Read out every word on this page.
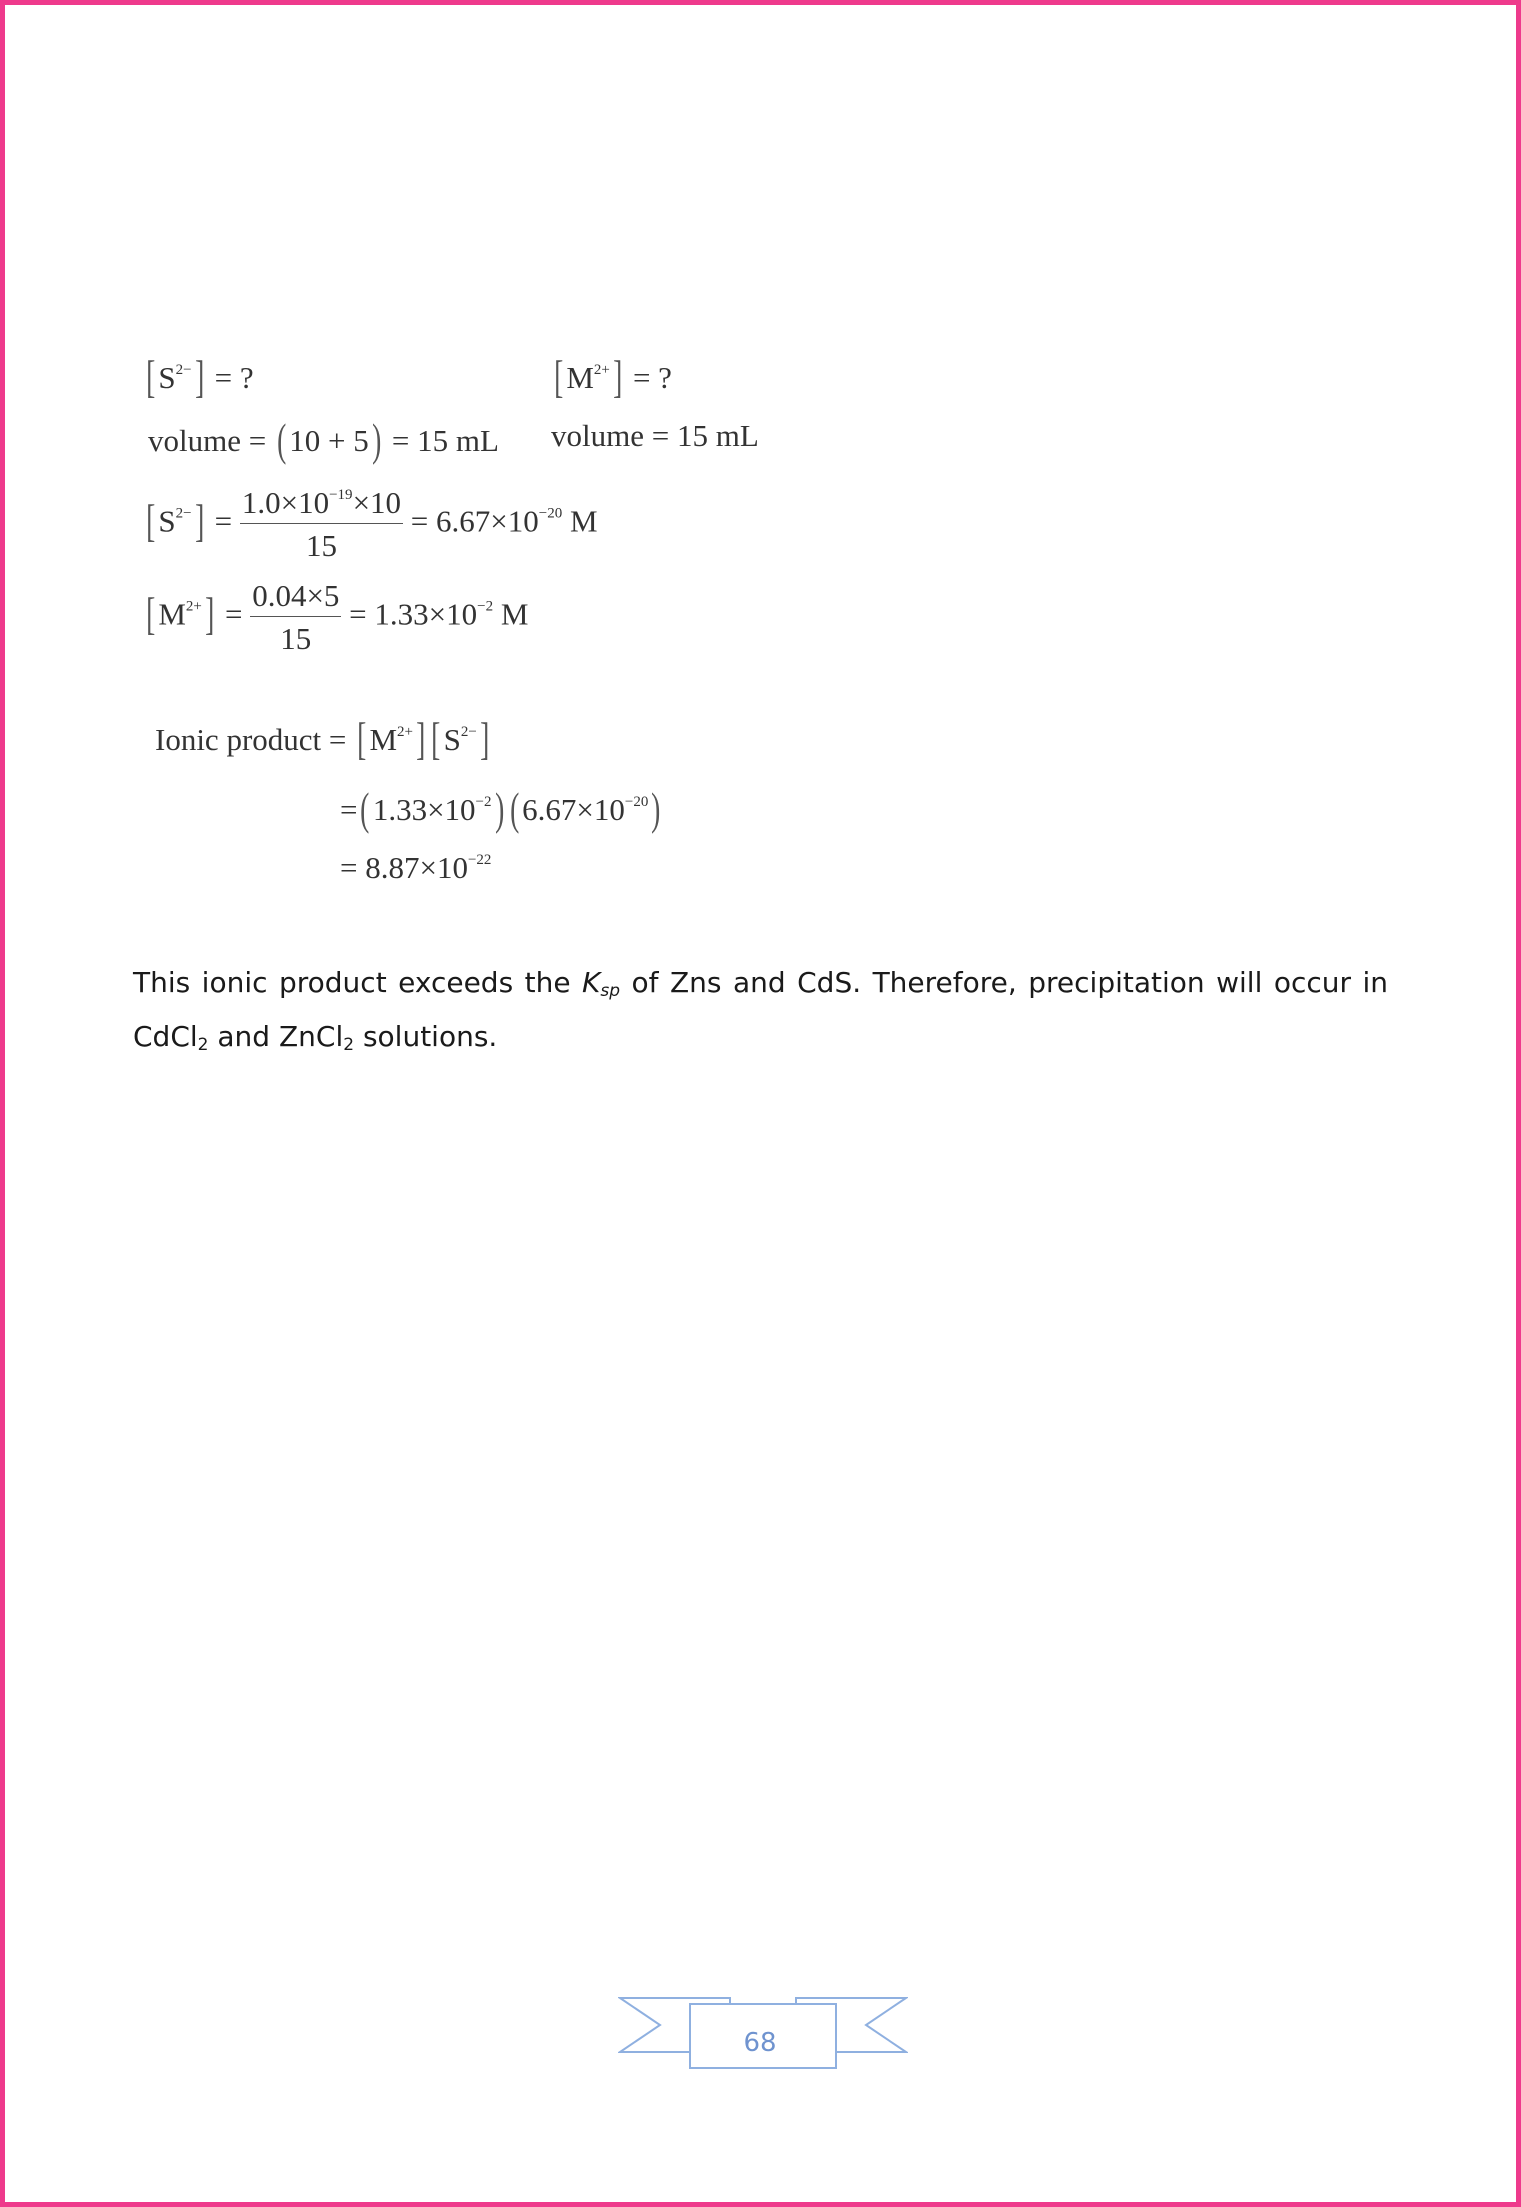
$[S^{2-}]$ = ?	$[M^{2+}]$ = ?
volume = (10 + 5) = 15 mL volume = 15 mL
$[S^{2-}] = \frac{1.0\times 10^{-19}\times 10}{15} = 6.67\times 10^{-20}$ M
$[M^{2+}] = \frac{0.04\times 5}{15} = 1.33\times 10^{-2}$ M
Ionic product = $[M^{2+}]$ $[S^{2-}]$
$=(1.33\times 10^{-2})$ $(6.67\times 10^{-20})$
= $8.87\times 10^{-22}$
This ionic product exceeds the $K_{sp}$ of Zns and CdS. Therefore, precipitation will occur in CdCl$_2$ and ZnCl$_2$ solutions.
68
